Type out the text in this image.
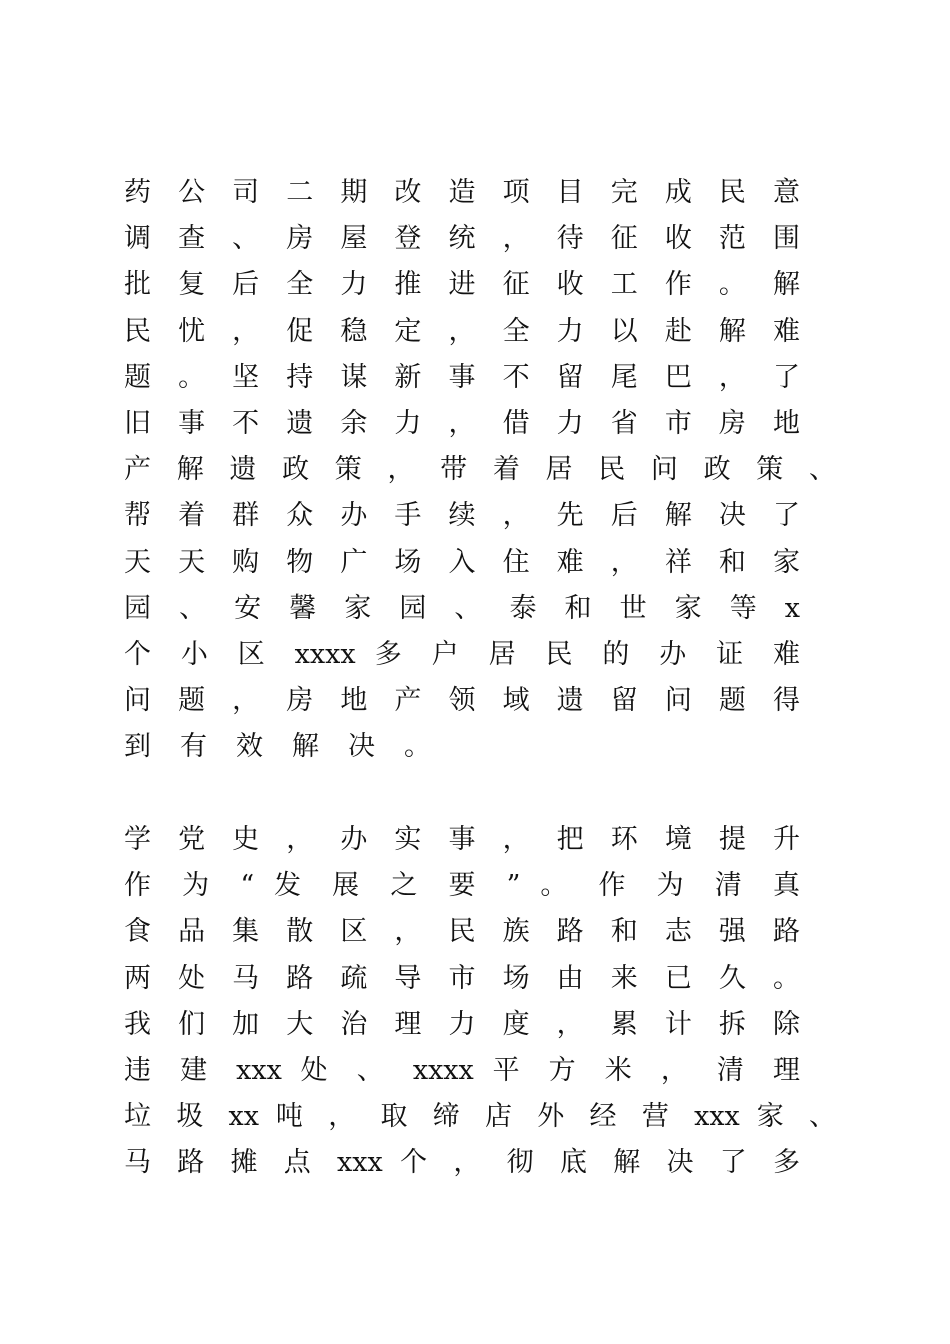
药 公 司 二 期 改 造 项 目 完 成 民 意
调 查 、 房 屋 登 统 ， 待 征 收 范 围
批 复 后 全 力 推 进 征 收 工 作 。 解
民 忧 ， 促 稳 定 ， 全 力 以 赴 解 难
题 。 坚 持 谋 新 事 不 留 尾 巴 ， 了
旧 事 不 遗 余 力 ， 借 力 省 市 房 地
产 解 遗 政 策 ， 带 着 居 民 问 政 策 、
帮 着 群 众 办 手 续 ， 先 后 解 决 了
天 天 购 物 广 场 入 住 难 ， 祥 和 家
园 、 安 馨 家 园 、 泰 和 世 家 等 x
个 小 区 xxxx 多 户 居 民 的 办 证 难
问 题 ， 房 地 产 领 域 遗 留 问 题 得
到有效解决。
学 党 史 ， 办 实 事 ， 把 环 境 提 升
作 为 “ 发 展 之 要 ” 。 作 为 清 真
食 品 集 散 区 ， 民 族 路 和 志 强 路
两 处 马 路 疏 导 市 场 由 来 已 久 。
我 们 加 大 治 理 力 度 ， 累 计 拆 除
违 建 xxx 处 、 xxxx 平 方 米 ， 清 理
垃 圾 xx 吨 ， 取 缔 店 外 经 营 xxx 家 、
马 路 摊 点 xxx 个 ， 彻 底 解 决 了 多
